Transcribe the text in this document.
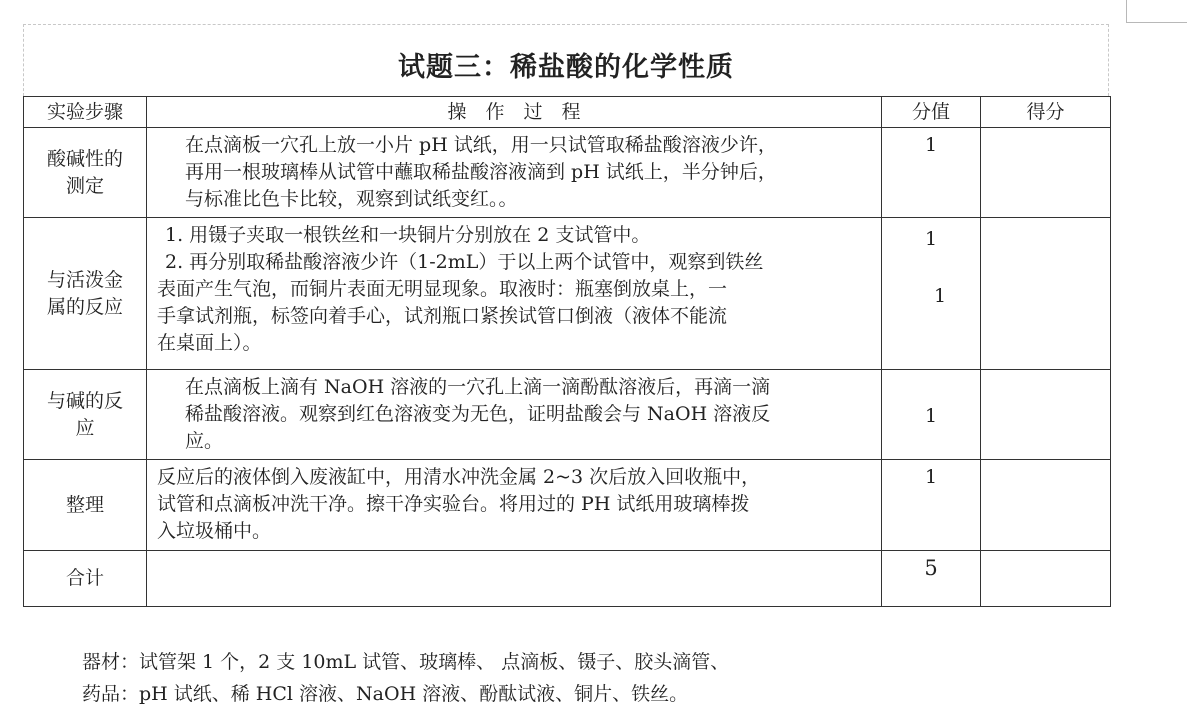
试题三：稀盐酸的化学性质
实验步骤	操　作　过　程	分值	得分

酸碱性的
测定	在点滴板一穴孔上放一小片 pH 试纸，用一只试管取稀盐酸溶液少许，
再用一根玻璃棒从试管中蘸取稀盐酸溶液滴到 pH 试纸上，半分钟后，
与标准比色卡比较，观察到试纸变红。。	1	

与活泼金
属的反应	1. 用镊子夹取一根铁丝和一块铜片分别放在 2 支试管中。
2. 再分别取稀盐酸溶液少许（1-2mL）于以上两个试管中，观察到铁丝
表面产生气泡，而铜片表面无明显现象。取液时：瓶塞倒放桌上，一
手拿试剂瓶，标签向着手心，试剂瓶口紧挨试管口倒液（液体不能流
在桌面上）。	1
1	

与碱的反
应	在点滴板上滴有 NaOH 溶液的一穴孔上滴一滴酚酞溶液后，再滴一滴
稀盐酸溶液。观察到红色溶液变为无色，证明盐酸会与 NaOH 溶液反
应。	1	

整理	反应后的液体倒入废液缸中，用清水冲洗金属 2~3 次后放入回收瓶中，
试管和点滴板冲洗干净。擦干净实验台。将用过的 PH 试纸用玻璃棒拨
入垃圾桶中。	1	

合计		5	
器材：试管架 1 个，2 支 10mL 试管、玻璃棒、 点滴板、镊子、胶头滴管、
药品：pH 试纸、稀 HCl 溶液、NaOH 溶液、酚酞试液、铜片、铁丝。
